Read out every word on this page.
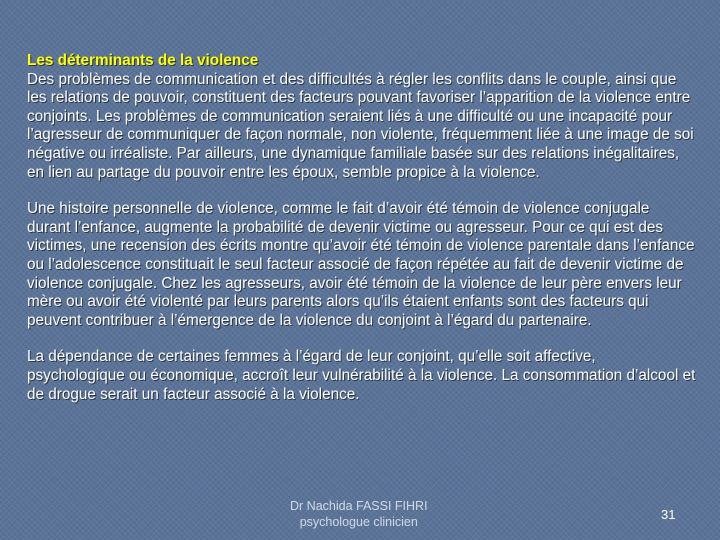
Dr Nachida FASSI FIHRI
psychologue clinicien
Les déterminants de la violence

Des problèmes de communication et des difficultés à régler les conflits dans le couple, ainsi que les relations de pouvoir, constituent des facteurs pouvant favoriser l’apparition de la violence entre conjoints. Les problèmes de communication seraient liés à une difficulté ou une incapacité pour l’agresseur de communiquer de façon normale, non violente, fréquemment liée à une image de soi négative ou irréaliste. Par ailleurs, une dynamique familiale basée sur des relations inégalitaires, en lien au partage du pouvoir entre les époux, semble propice à la violence.

Une histoire personnelle de violence, comme le fait d’avoir été témoin de violence conjugale durant l’enfance, augmente la probabilité de devenir victime ou agresseur. Pour ce qui est des victimes, une recension des écrits montre qu’avoir été témoin de violence parentale dans l’enfance ou l’adolescence constituait le seul facteur associé de façon répétée au fait de devenir victime de violence conjugale. Chez les agresseurs, avoir été témoin de la violence de leur père envers leur mère ou avoir été violenté par leurs parents alors qu’ils étaient enfants sont des facteurs qui peuvent contribuer à l’émergence de la violence du conjoint à l’égard du partenaire.

La dépendance de certaines femmes à l’égard de leur conjoint, qu’elle soit affective, psychologique ou économique, accroît leur vulnérabilité à la violence. La consommation d’alcool et de drogue serait un facteur associé à la violence.

31
